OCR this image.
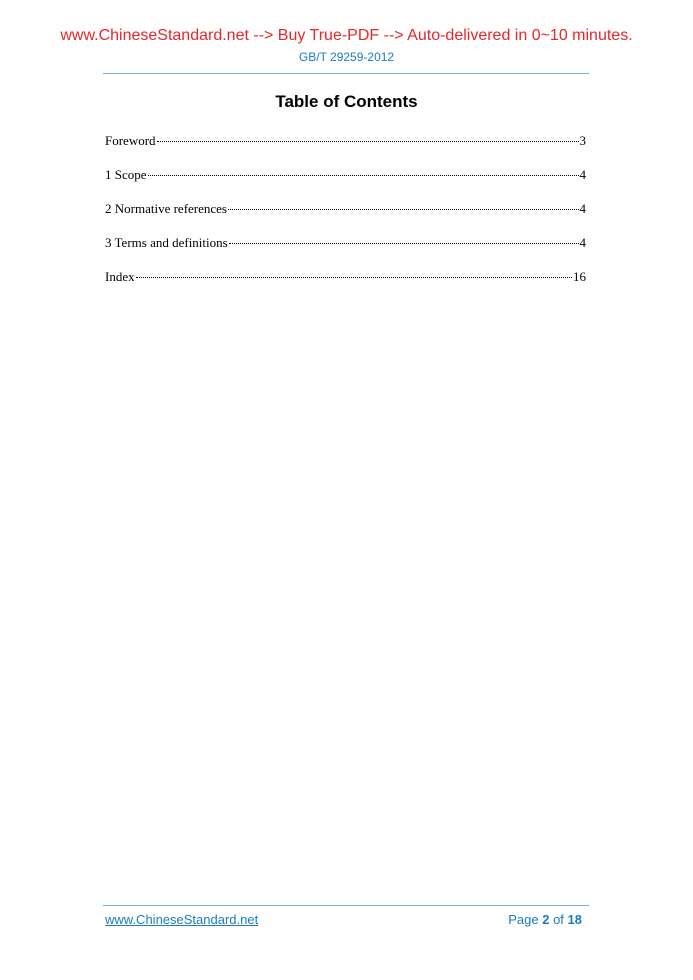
www.ChineseStandard.net --> Buy True-PDF --> Auto-delivered in 0~10 minutes.
GB/T 29259-2012
Table of Contents
Foreword	3
1 Scope	4
2 Normative references	4
3 Terms and definitions	4
Index	16
www.ChineseStandard.net	Page 2 of 18
